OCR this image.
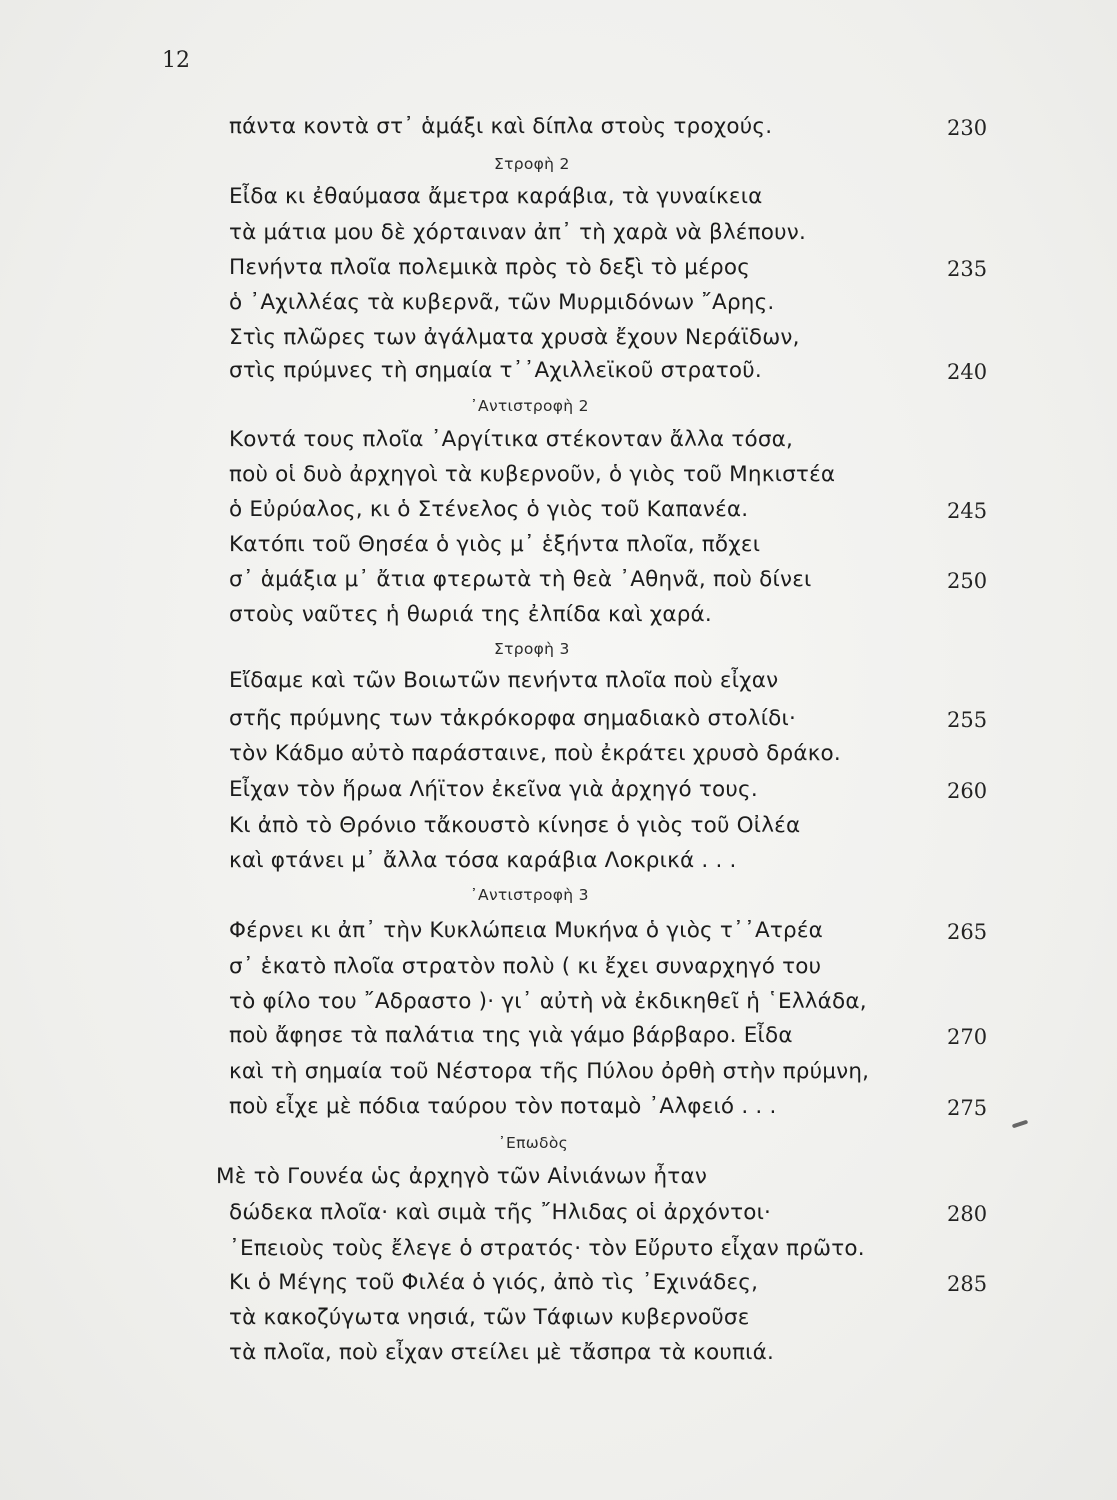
12
πάντα κοντὰ στ᾿ ἁμάξι καὶ δίπλα στοὺς τροχούς.	230
Στροφὴ 2
Εἶδα κι ἐθαύμασα ἄμετρα καράβια, τὰ γυναίκεια
τὰ μάτια μου δὲ χόρταιναν ἀπ᾿ τὴ χαρὰ νὰ βλέπουν.
Πενήντα πλοῖα πολεμικὰ πρὸς τὸ δεξὶ τὸ μέρος	235
ὁ ᾿Αχιλλέας τὰ κυβερνᾶ, τῶν Μυρμιδόνων ῎Αρης.
Στὶς πλῶρες των ἀγάλματα χρυσὰ ἔχουν Νεράϊδων,
στὶς πρύμνες τὴ σημαία τ᾿᾿Αχιλλεϊκοῦ στρατοῦ.	240
᾿Αντιστροφὴ 2
Κοντά τους πλοῖα ᾿Αργίτικα στέκονταν ἄλλα τόσα,
ποὺ οἱ δυὸ ἀρχηγοὶ τὰ κυβερνοῦν, ὁ γιὸς τοῦ Μηκιστέα
ὁ Εὐρύαλος, κι ὁ Στένελος ὁ γιὸς τοῦ Καπανέα.	245
Κατόπι τοῦ Θησέα ὁ γιὸς μ᾿ ἑξήντα πλοῖα, πὄχει
σ᾿ ἁμάξια μ᾿ ἄτια φτερωτὰ τὴ θεὰ ᾿Αθηνᾶ, ποὺ δίνει	250
στοὺς ναῦτες ἡ θωριά της ἐλπίδα καὶ χαρά.
Στροφὴ 3
Εἴδαμε καὶ τῶν Βοιωτῶν πενήντα πλοῖα ποὺ εἶχαν
στῆς πρύμνης των τἀκρόκορφα σημαδιακὸ στολίδι·	255
τὸν Κάδμο αὐτὸ παράσταινε, ποὺ ἐκράτει χρυσὸ δράκο.
Εἶχαν τὸν ἥρωα Λήϊτον ἐκεῖνα γιὰ ἀρχηγό τους.	260
Κι ἀπὸ τὸ Θρόνιο τἄκουστὸ κίνησε ὁ γιὸς τοῦ Οἰλέα
καὶ φτάνει μ᾿ ἄλλα τόσα καράβια Λοκρικά . . .
᾿Αντιστροφὴ 3
Φέρνει κι ἀπ᾿ τὴν Κυκλώπεια Μυκήνα ὁ γιὸς τ᾿᾿Ατρέα	265
σ᾿ ἑκατὸ πλοῖα στρατὸν πολὺ ( κι ἔχει συναρχηγό του
τὸ φίλο του ῎Αδραστο )· γι᾿ αὐτὴ νὰ ἐκδικηθεῖ ἡ ῾Ελλάδα,
ποὺ ἄφησε τὰ παλάτια της γιὰ γάμο βάρβαρο. Εἶδα	270
καὶ τὴ σημαία τοῦ Νέστορα τῆς Πύλου ὀρθὴ στὴν πρύμνη,
ποὺ εἶχε μὲ πόδια ταύρου τὸν ποταμὸ ᾿Αλφειό . . .	275
᾿Επωδὸς
Μὲ τὸ Γουνέα ὡς ἀρχηγὸ τῶν Αἰνιάνων ἦταν
δώδεκα πλοῖα· καὶ σιμὰ τῆς ῎Ηλιδας οἱ ἀρχόντοι·	280
᾿Επειοὺς τοὺς ἔλεγε ὁ στρατός· τὸν Εὔρυτο εἶχαν πρῶτο.
Κι ὁ Μέγης τοῦ Φιλέα ὁ γιός, ἀπὸ τὶς ᾿Εχινάδες,	285
τὰ κακοζύγωτα νησιά, τῶν Τάφιων κυβερνοῦσε
τὰ πλοῖα, ποὺ εἶχαν στείλει μὲ τἄσπρα τὰ κουπιά.
